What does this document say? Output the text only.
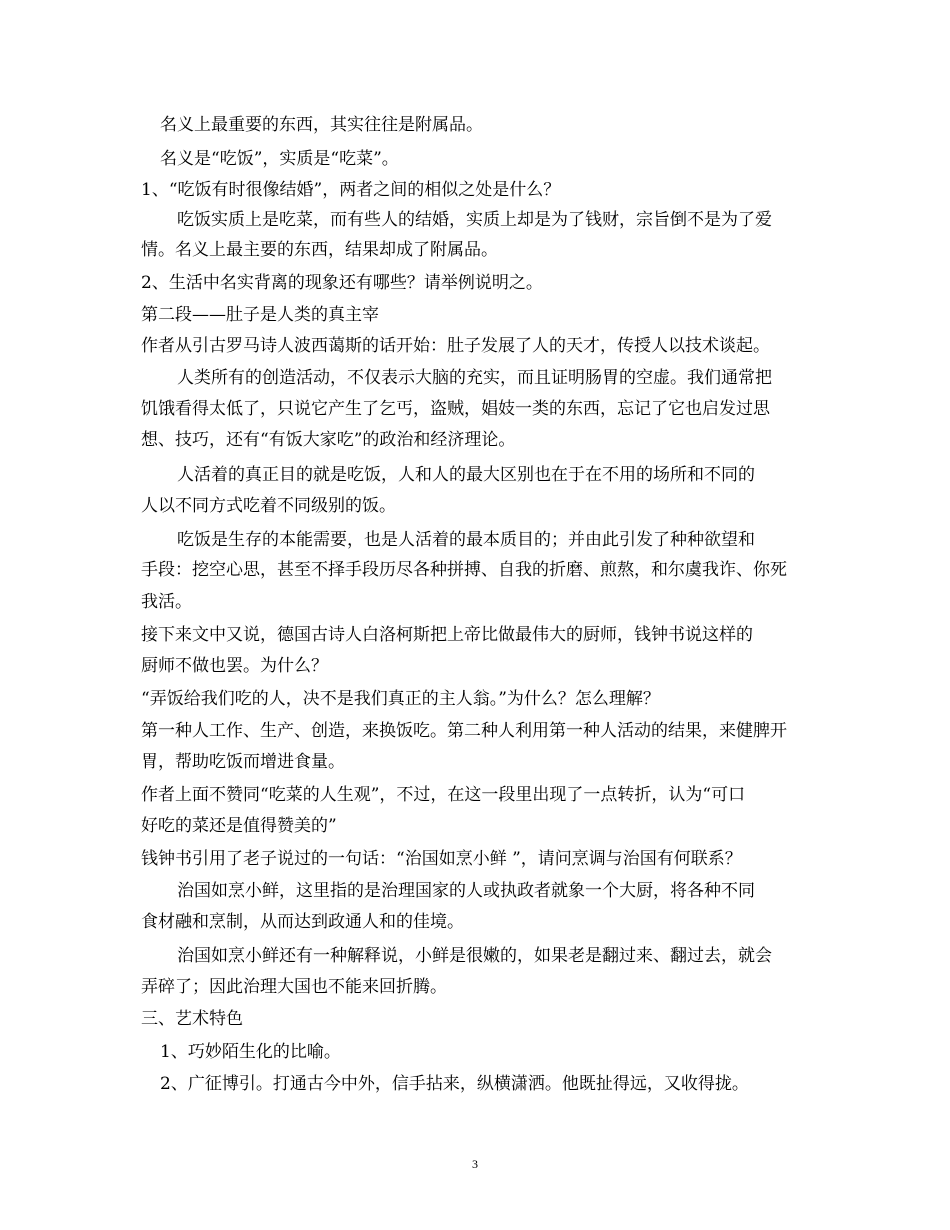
名义上最重要的东西，其实往往是附属品。
名义是“吃饭”，实质是“吃菜”。
1、“吃饭有时很像结婚”，两者之间的相似之处是什么？
吃饭实质上是吃菜，而有些人的结婚，实质上却是为了钱财，宗旨倒不是为了爱
情。名义上最主要的东西，结果却成了附属品。
2、生活中名实背离的现象还有哪些？请举例说明之。
第二段——肚子是人类的真主宰
作者从引古罗马诗人波西蔼斯的话开始：肚子发展了人的天才，传授人以技术谈起。
人类所有的创造活动，不仅表示大脑的充实，而且证明肠胃的空虚。我们通常把
饥饿看得太低了，只说它产生了乞丐，盗贼，娼妓一类的东西，忘记了它也启发过思
想、技巧，还有“有饭大家吃”的政治和经济理论。
人活着的真正目的就是吃饭，人和人的最大区别也在于在不用的场所和不同的
人以不同方式吃着不同级别的饭。
吃饭是生存的本能需要，也是人活着的最本质目的；并由此引发了种种欲望和
手段：挖空心思，甚至不择手段历尽各种拼搏、自我的折磨、煎熬，和尔虞我诈、你死
我活。
接下来文中又说，德国古诗人白洛柯斯把上帝比做最伟大的厨师，钱钟书说这样的
厨师不做也罢。为什么？
“弄饭给我们吃的人，决不是我们真正的主人翁。”为什么？怎么理解？
第一种人工作、生产、创造，来换饭吃。第二种人利用第一种人活动的结果，来健脾开
胃，帮助吃饭而增进食量。
作者上面不赞同“吃菜的人生观”，不过，在这一段里出现了一点转折，认为“可口
好吃的菜还是值得赞美的”
钱钟书引用了老子说过的一句话：“治国如烹小鲜 ”，请问烹调与治国有何联系？
治国如烹小鲜，这里指的是治理国家的人或执政者就象一个大厨，将各种不同
食材融和烹制，从而达到政通人和的佳境。
治国如烹小鲜还有一种解释说，小鲜是很嫩的，如果老是翻过来、翻过去，就会
弄碎了；因此治理大国也不能来回折腾。
三、艺术特色
1、巧妙陌生化的比喻。
2、广征博引。打通古今中外，信手拈来，纵横潇洒。他既扯得远，又收得拢。
3
